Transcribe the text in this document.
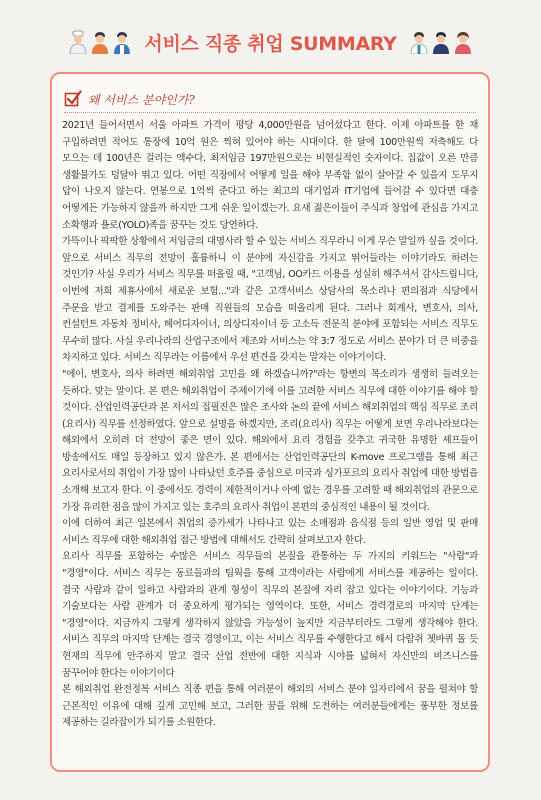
서비스 직종 취업 SUMMARY
왜 서비스 분야인가?

2021년 들어서면서 서울 아파트 가격이 평당 4,000만원을 넘어섰다고 한다. 이제 아파트를 한 채 구입하려면 적어도 통장에 10억 원은 찍혀 있어야 하는 시대이다. 한 달에 100만원씩 저축해도 다 모으는 데 100년은 걸리는 액수다. 최저임금 197만원으로는 비현실적인 숫자이다. 집값이 오른 만큼 생활물가도 덩달아 뛰고 있다. 어떤 직장에서 어떻게 일을 해야 부족함 없이 살아갈 수 있을지 도무지 답이 나오지 않는다. 연봉으로 1억씩 준다고 하는 최고의 대기업과 IT기업에 들어갈 수 있다면 대충 어떻게든 가능하지 않을까 하지만 그게 쉬운 일이겠는가. 요새 젊은이들이 주식과 창업에 관심을 가지고 소확행과 욜로(YOLO)족을 꿈꾸는 것도 당연하다.

가뜩이나 팍팍한 상황에서 저임금의 대명사라 할 수 있는 서비스 직무라니 이게 무슨 말일까 싶을 것이다. 앞으로 서비스 직무의 전망이 훌륭하니 이 분야에 자신감을 가지고 뛰어들라는 이야기라도 하려는 것인가? 사실 우리가 서비스 직무를 떠올릴 때, "고객님, OO카드 이용을 성실히 해주셔서 감사드립니다, 이번에 저희 제휴사에서 새로운 보험..."과 같은 고객서비스 상담사의 목소리나 편의점과 식당에서 주문을 받고 결제를 도와주는 판매 직원들의 모습을 떠올리게 된다. 그러나 회계사, 변호사, 의사, 컨설턴트 자동차 정비사, 헤어디자이너, 의상디자이너 등 고소득 전문직 분야에 포함되는 서비스 직무도 무수히 많다. 사실 우리나라의 산업구조에서 제조와 서비스는 약 3:7 정도로 서비스 분야가 더 큰 비중을 차지하고 있다. 서비스 직무라는 이름에서 우선 편견을 갖지는 말자는 이야기이다.

"에이, 변호사, 의사 하려면 해외취업 고민을 왜 하겠습니까?"라는 항변의 목소리가 생생히 들려오는 듯하다. 맞는 말이다. 본 편은 해외취업이 주제이기에 이를 고려한 서비스 직무에 대한 이야기를 해야 할 것이다. 산업인력공단과 본 저서의 집필진은 많은 조사와 논의 끝에 서비스 해외취업의 핵심 직무로 조리(요리사) 직무를 선정하였다. 앞으로 설명을 하겠지만, 조리(요리사) 직무는 어떻게 보면 우리나라보다는 해외에서 오히려 더 전망이 좋은 면이 있다. 해외에서 요리 경험을 갖추고 귀국한 유명한 셰프들이 방송에서도 매일 등장하고 있지 않은가. 본 편에서는 산업인력공단의 K-move 프로그램을 통해 최근 요리사로서의 취업이 가장 많이 나타났던 호주를 중심으로 미국과 싱가포르의 요리사 취업에 대한 방법을 소개해 보고자 한다. 이 중에서도 경력이 제한적이거나 아예 없는 경우를 고려할 때 해외취업의 관문으로 가장 유리한 점을 많이 가지고 있는 호주의 요리사 취업이 본편의 중심적인 내용이 될 것이다.

이에 더하여 최근 일본에서 취업의 증가세가 나타나고 있는 소매점과 음식점 등의 일반 영업 및 판매 서비스 직무에 대한 해외취업 접근 방법에 대해서도 간략히 살펴보고자 한다.

요리사 직무를 포함하는 수많은 서비스 직무들의 본질을 관통하는 두 가지의 키워드는 "사람"과 "경영"이다. 서비스 직무는 동료들과의 팀웍을 통해 고객이라는 사람에게 서비스를 제공하는 일이다. 결국 사람과 같이 일하고 사람과의 관계 형성이 직무의 본질에 자리 잡고 있다는 이야기이다. 기능과 기술보다는 사람 관계가 더 중요하게 평가되는 영역이다. 또한, 서비스 경력경로의 마지막 단계는 "경영"이다. 지금까지 그렇게 생각하지 않았을 가능성이 높지만 지금부터라도 그렇게 생각해야 한다. 서비스 직무의 마지막 단계는 결국 경영이고, 이는 서비스 직무를 수행한다고 해서 다람쥐 쳇바퀴 돌 듯 현재의 직무에 안주하지 말고 결국 산업 전반에 대한 지식과 시야를 넓혀서 자신만의 비즈니스를 꿈꾸어야 한다는 이야기이다

본 해외취업 완전정복 서비스 직종 편을 통해 여러분이 해외의 서비스 분야 일자리에서 꿈을 펼쳐야 할 근본적인 이유에 대해 깊게 고민해 보고, 그러한 꿈을 위해 도전하는 여러분들에게는 풍부한 정보를 제공하는 길라잡이가 되기를 소원한다.
